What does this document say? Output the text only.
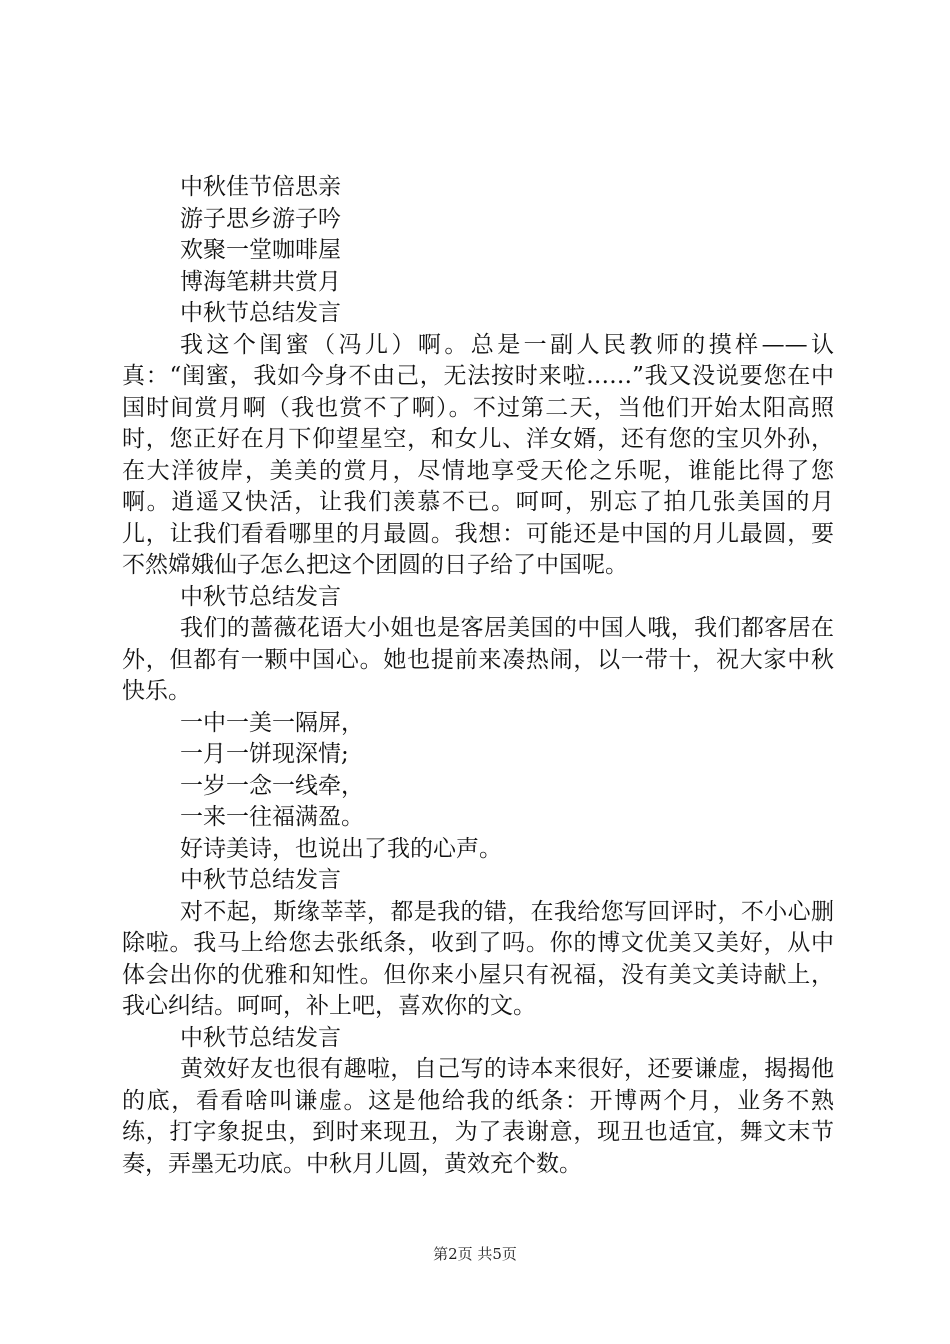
中秋佳节倍思亲
游子思乡游子吟
欢聚一堂咖啡屋
博海笔耕共赏月
中秋节总结发言

我这个闺蜜（冯儿）啊。总是一副人民教师的摸样——认真：“闺蜜，我如今身不由己，无法按时来啦……”我又没说要您在中国时间赏月啊（我也赏不了啊）。不过第二天，当他们开始太阳高照时，您正好在月下仰望星空，和女儿、洋女婿，还有您的宝贝外孙，在大洋彼岸，美美的赏月，尽情地享受天伦之乐呢，谁能比得了您啊。逍遥又快活，让我们羡慕不已。呵呵，别忘了拍几张美国的月儿，让我们看看哪里的月最圆。我想：可能还是中国的月儿最圆，要不然嫦娥仙子怎么把这个团圆的日子给了中国呢。

中秋节总结发言

我们的蔷薇花语大小姐也是客居美国的中国人哦，我们都客居在外，但都有一颗中国心。她也提前来凑热闹，以一带十，祝大家中秋快乐。

一中一美一隔屏，
一月一饼现深情;
一岁一念一线牵，
一来一往福满盈。
好诗美诗，也说出了我的心声。
中秋节总结发言

对不起，斯缘莘莘，都是我的错，在我给您写回评时，不小心删除啦。我马上给您去张纸条，收到了吗。你的博文优美又美好，从中体会出你的优雅和知性。但你来小屋只有祝福，没有美文美诗献上，我心纠结。呵呵，补上吧，喜欢你的文。

中秋节总结发言

黄效好友也很有趣啦，自己写的诗本来很好，还要谦虚，揭揭他的底，看看啥叫谦虚。这是他给我的纸条：开博两个月，业务不熟练，打字象捉虫，到时来现丑，为了表谢意，现丑也适宜，舞文末节奏，弄墨无功底。中秋月儿圆，黄效充个数。

第2页 共5页
